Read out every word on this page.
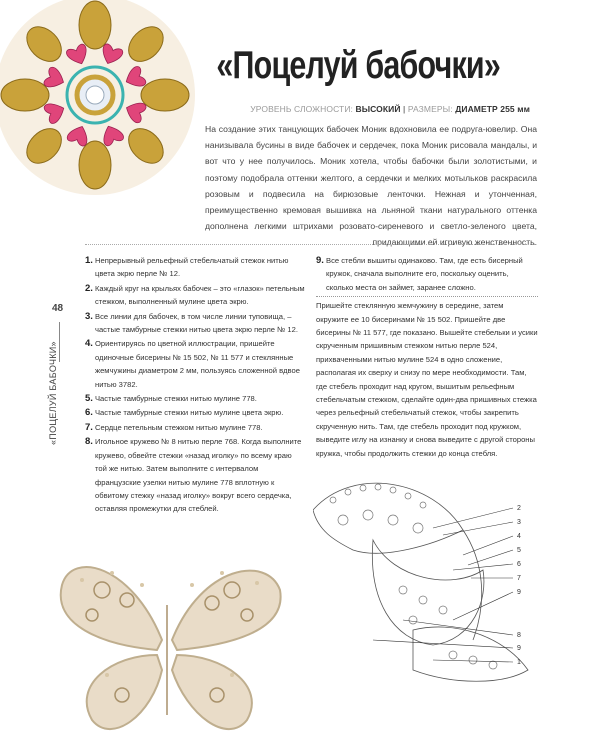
«Поцелуй бабочки»
УРОВЕНЬ СЛОЖНОСТИ: ВЫСОКИЙ | РАЗМЕРЫ: ДИАМЕТР 255 мм

На создание этих танцующих бабочек Моник вдохновила ее подруга-ювелир. Она нанизывала бусины в виде бабочек и сердечек, пока Моник рисовала мандалы, и вот что у нее получилось. Моник хотела, чтобы бабочки были золотистыми, и поэтому подобрала оттенки желтого, а сердечки и мелких мотыльков раскрасила розовым и подвесила на бирюзовые ленточки. Нежная и утонченная, преимущественно кремовая вышивка на льняной ткани натурального оттенка дополнена легкими штрихами розовато-сиреневого и светло-зеленого цвета, придающими ей игривую женственность.

48
«ПОЦЕЛУЙ БАБОЧКИ»
1. Непрерывный рельефный стебельчатый стежок нитью цвета экрю перле № 12.
2. Каждый круг на крыльях бабочек – это «глазок» петельным стежком, выполненный мулине цвета экрю.
3. Все линии для бабочек, в том числе линии туповища, – частые тамбурные стежки нитью цвета экрю перле № 12.
4. Ориентируясь по цветной иллюстрации, пришейте одиночные бисерины № 15 502, № 11 577 и стеклянные жемчужины диаметром 2 мм, пользуясь сложенной вдвое нитью 3782.
5. Частые тамбурные стежки нитью мулине 778.
6. Частые тамбурные стежки нитью мулине цвета экрю.
7. Сердце петельным стежком нитью мулине 778.
8. Игольное кружево № 8 нитью перле 768. Когда выполните кружево, обвейте стежки «назад иголку» по всему краю той же нитью. Затем выполните с интервалом французские узелки нитью мулине 778 вплотную к обвитому стежку «назад иголку» вокруг всего сердечка, оставляя промежутки для стеблей.
9. Все стебли вышиты одинаково. Там, где есть бисерный кружок, сначала выполните его, поскольку оценить, сколько места он займет, заранее сложно.
Пришейте стеклянную жемчужину в середине, затем окружите ее 10 бисеринами № 15 502. Пришейте две бисерины № 11 577, где показано. Вышейте стебельки и усики скрученным пришивным стежком нитью перле 524, прихваченными нитью мулине 524 в одно сложение, располагая их сверху и снизу по мере необходимости. Там, где стебель проходит над кругом, вышитым рельефным стебельчатым стежком, сделайте один-два пришивных стежка через рельефный стебельчатый стежок, чтобы закрепить скрученную нить. Там, где стебель проходит под кружком, выведите иглу на изнанку и снова выведите с другой стороны кружка, чтобы продолжить стежки до конца стебля.
2
3
4
5
6
7
9
8
9
1
